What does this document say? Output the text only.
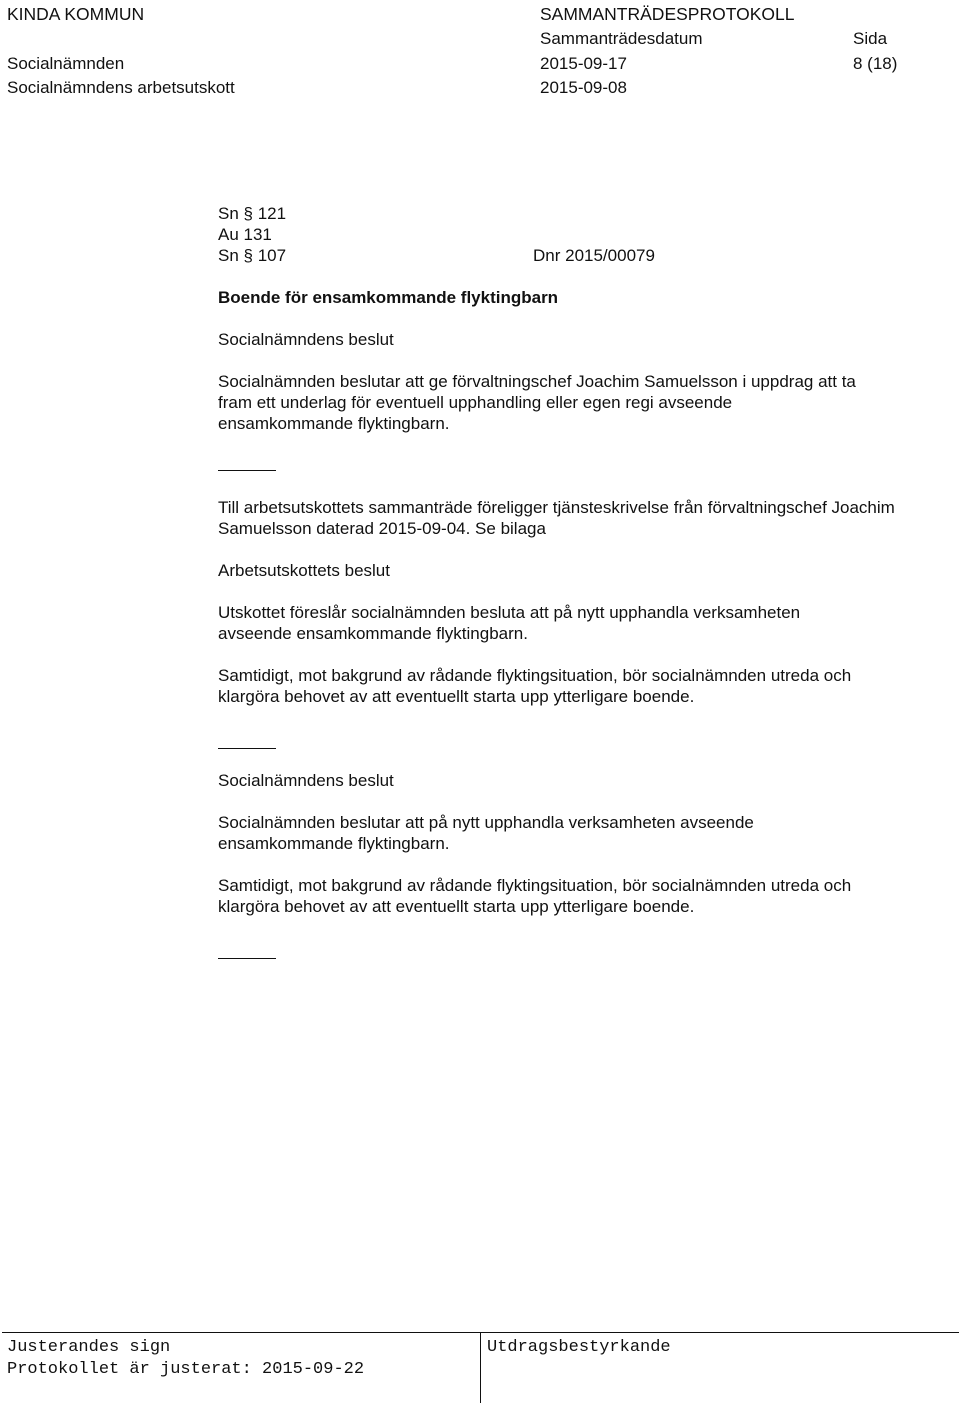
KINDA KOMMUN	SAMMANTRÄDESPROTOKOLL
Sammanträdesdatum	Sida
Socialnämnden	2015-09-17	8 (18)
Socialnämndens arbetsutskott	2015-09-08
Sn § 121
Au 131
Sn § 107	Dnr 2015/00079
Boende för ensamkommande flyktingbarn
Socialnämndens beslut
Socialnämnden beslutar att ge förvaltningschef Joachim Samuelsson i uppdrag att ta fram ett underlag för eventuell upphandling eller egen regi avseende ensamkommande flyktingbarn.
Till arbetsutskottets sammanträde föreligger tjänsteskrivelse från förvaltningschef Joachim Samuelsson daterad 2015-09-04. Se bilaga
Arbetsutskottets beslut
Utskottet föreslår socialnämnden besluta att på nytt upphandla verksamheten avseende ensamkommande flyktingbarn.
Samtidigt, mot bakgrund av rådande flyktingsituation, bör socialnämnden utreda och klargöra behovet av att eventuellt starta upp ytterligare boende.
Socialnämndens beslut
Socialnämnden beslutar att på nytt upphandla verksamheten avseende ensamkommande flyktingbarn.
Samtidigt, mot bakgrund av rådande flyktingsituation, bör socialnämnden utreda och klargöra behovet av att eventuellt starta upp ytterligare boende.
Justerandes sign
Protokollet är justerat: 2015-09-22
Utdragsbestyrkande
